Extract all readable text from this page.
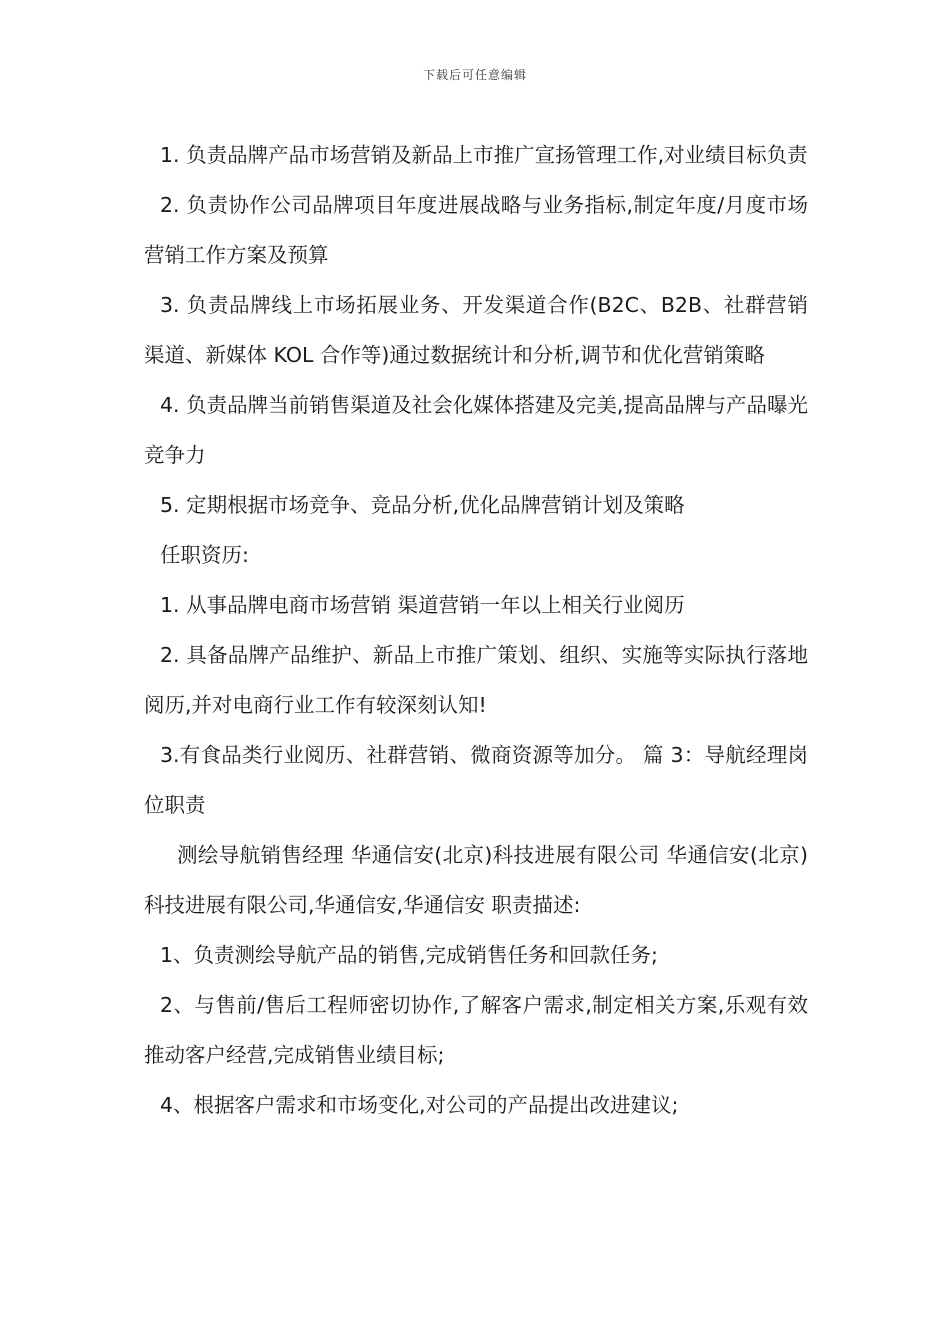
下载后可任意编辑

1. 负责品牌产品市场营销及新品上市推广宣扬管理工作,对业绩目标负责

2. 负责协作公司品牌项目年度进展战略与业务指标,制定年度/月度市场营销工作方案及预算

3. 负责品牌线上市场拓展业务、开发渠道合作(B2C、B2B、社群营销渠道、新媒体 KOL 合作等)通过数据统计和分析,调节和优化营销策略

4. 负责品牌当前销售渠道及社会化媒体搭建及完美,提高品牌与产品曝光竞争力

5. 定期根据市场竞争、竞品分析,优化品牌营销计划及策略

任职资历:

1. 从事品牌电商市场营销 渠道营销一年以上相关行业阅历

2. 具备品牌产品维护、新品上市推广策划、组织、实施等实际执行落地阅历,并对电商行业工作有较深刻认知!

3.有食品类行业阅历、社群营销、微商资源等加分。 篇 3：导航经理岗位职责

测绘导航销售经理 华通信安(北京)科技进展有限公司 华通信安(北京)科技进展有限公司,华通信安,华通信安 职责描述:

1、负责测绘导航产品的销售,完成销售任务和回款任务;

2、与售前/售后工程师密切协作,了解客户需求,制定相关方案,乐观有效推动客户经营,完成销售业绩目标;

4、根据客户需求和市场变化,对公司的产品提出改进建议;
